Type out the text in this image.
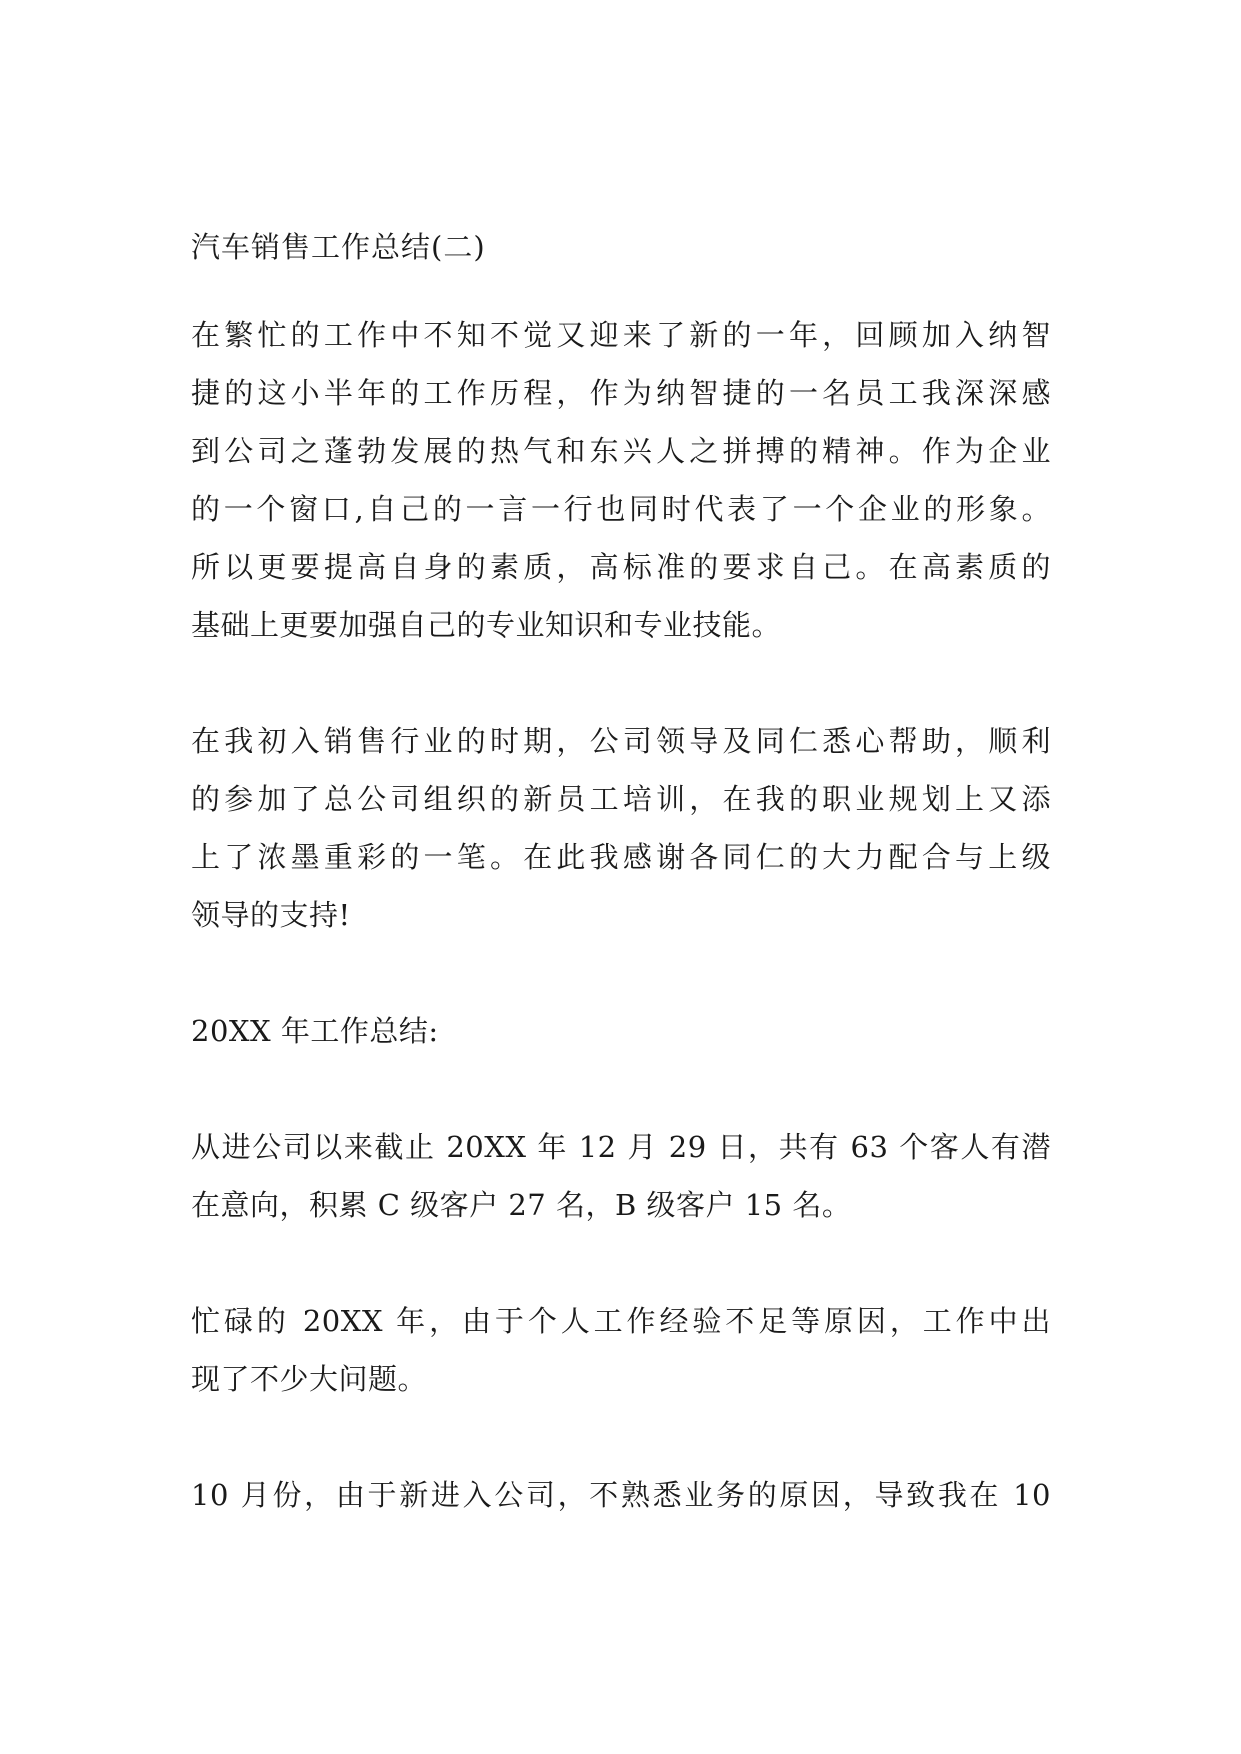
汽车销售工作总结(二)
在繁忙的工作中不知不觉又迎来了新的一年，回顾加入纳智
捷的这小半年的工作历程，作为纳智捷的一名员工我深深感
到公司之蓬勃发展的热气和东兴人之拼搏的精神。作为企业
的一个窗口,自己的一言一行也同时代表了一个企业的形象。
所以更要提高自身的素质，高标准的要求自己。在高素质的
基础上更要加强自己的专业知识和专业技能。
在我初入销售行业的时期，公司领导及同仁悉心帮助，顺利
的参加了总公司组织的新员工培训，在我的职业规划上又添
上了浓墨重彩的一笔。在此我感谢各同仁的大力配合与上级
领导的支持!
20XX 年工作总结:
从进公司以来截止 20XX 年 12 月 29 日，共有 63 个客人有潜
在意向，积累 C 级客户 27 名，B 级客户 15 名。
忙碌的 20XX 年，由于个人工作经验不足等原因，工作中出
现了不少大问题。
10 月份，由于新进入公司，不熟悉业务的原因，导致我在 10
